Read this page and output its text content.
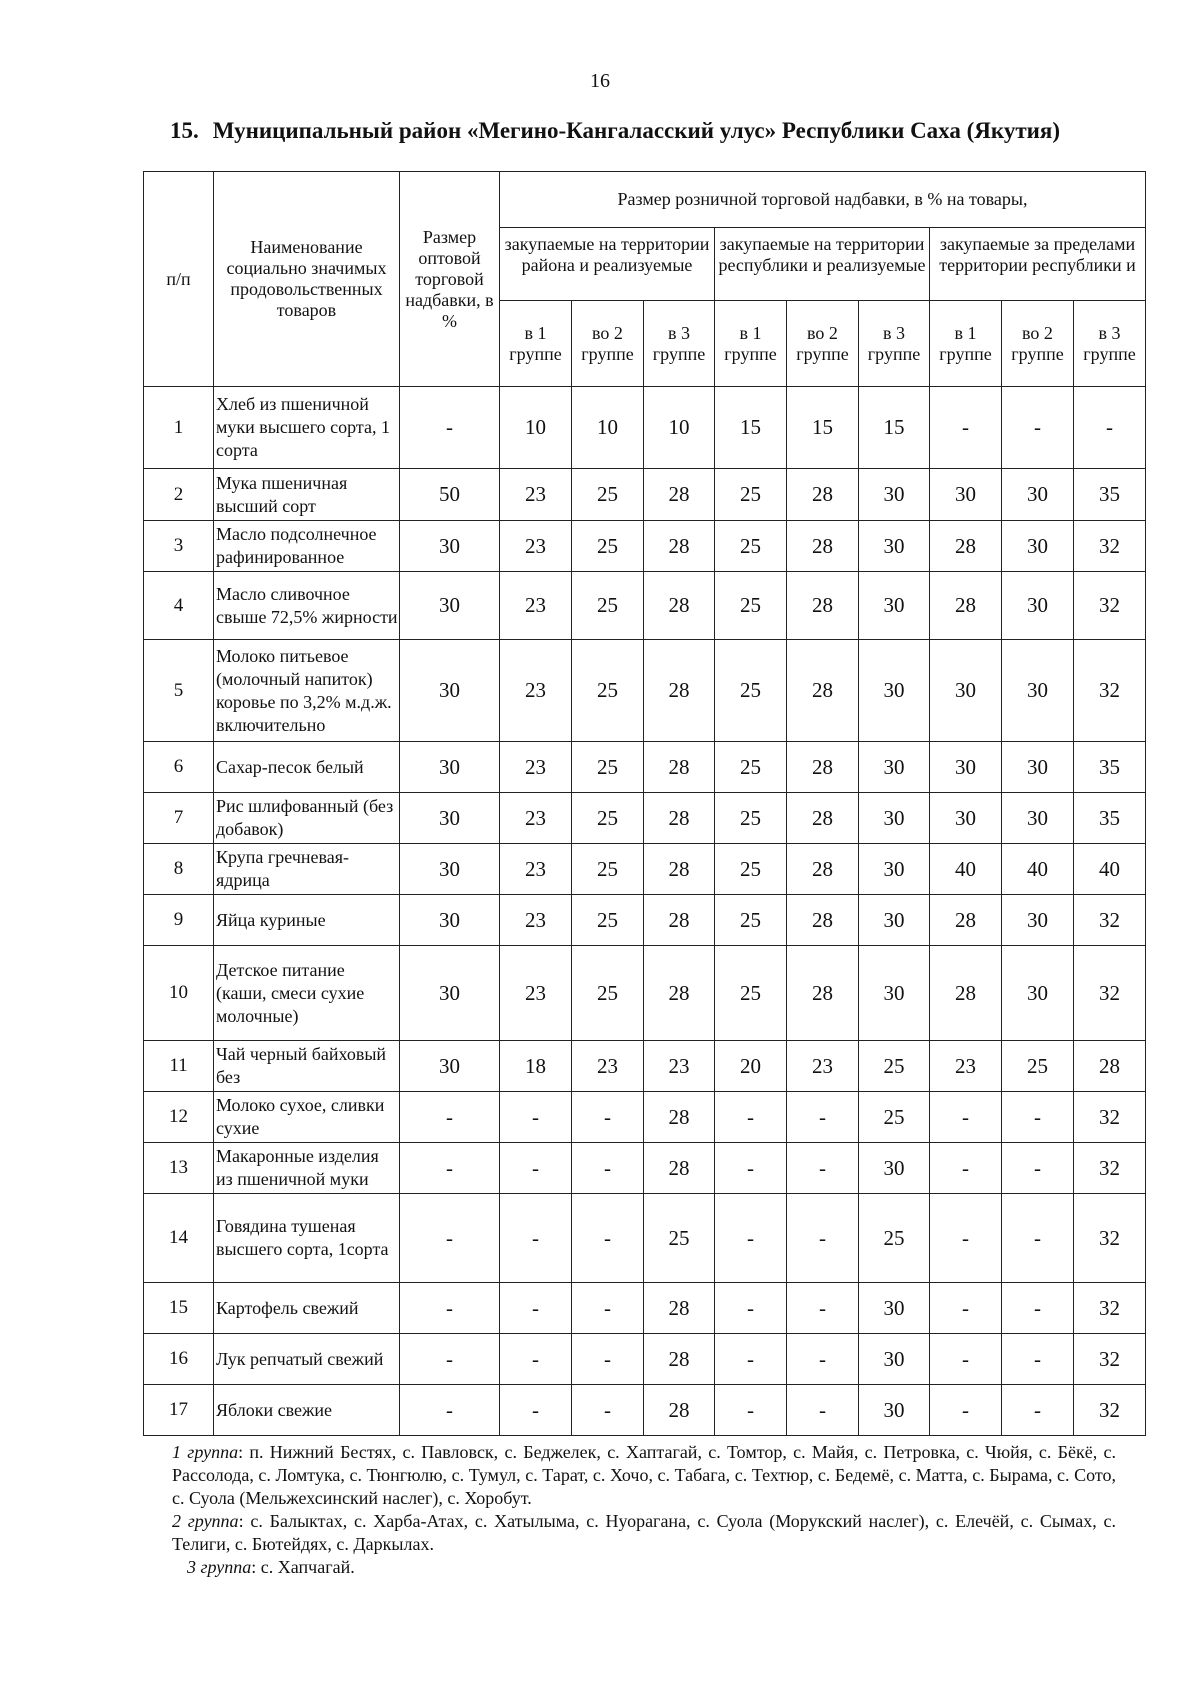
16
15. Муниципальный район «Мегино-Кангаласский улус» Республики Саха (Якутия)
п/п	Наименование социально значимых продовольственных товаров	Размер оптовой торговой надбавки, в %	Размер розничной торговой надбавки, в % на товары,								
			закупаемые на территории района и реализуемые			закупаемые на территории республики и реализуемые			закупаемые за пределами территории республики и		
			в 1 группе	во 2 группе	в 3 группе	в 1 группе	во 2 группе	в 3 группе	в 1 группе	во 2 группе	в 3 группе
1	Хлеб из пшеничной муки высшего сорта, 1 сорта	-	10	10	10	15	15	15	-	-	-
2	Мука пшеничная высший сорт	50	23	25	28	25	28	30	30	30	35
3	Масло подсолнечное рафинированное	30	23	25	28	25	28	30	28	30	32
4	Масло сливочное свыше 72,5% жирности	30	23	25	28	25	28	30	28	30	32
5	Молоко питьевое (молочный напиток) коровье по 3,2% м.д.ж. включительно	30	23	25	28	25	28	30	30	30	32
6	Сахар-песок белый	30	23	25	28	25	28	30	30	30	35
7	Рис шлифованный (без добавок)	30	23	25	28	25	28	30	30	30	35
8	Крупа гречневая-ядрица	30	23	25	28	25	28	30	40	40	40
9	Яйца куриные	30	23	25	28	25	28	30	28	30	32
10	Детское питание (каши, смеси сухие молочные)	30	23	25	28	25	28	30	28	30	32
11	Чай черный байховый без	30	18	23	23	20	23	25	23	25	28
12	Молоко сухое, сливки сухие	-	-	-	28	-	-	25	-	-	32
13	Макаронные изделия из пшеничной муки	-	-	-	28	-	-	30	-	-	32
14	Говядина тушеная высшего сорта, 1сорта	-	-	-	25	-	-	25	-	-	32
15	Картофель свежий	-	-	-	28	-	-	30	-	-	32
16	Лук репчатый свежий	-	-	-	28	-	-	30	-	-	32
17	Яблоки свежие	-	-	-	28	-	-	30	-	-	32

1 группа: п. Нижний Бестях, с. Павловск, с. Беджелек, с. Хаптагай, с. Томтор, с. Майя, с. Петровка, с. Чюйя, с. Бёкё, с. Рассолода, с. Ломтука, с. Тюнгюлю, с. Тумул, с. Тарат, с. Хочо, с. Табага, с. Техтюр, с. Бедемё, с. Матта, с. Бырама, с. Сото, с. Суола (Мельжехсинский наслег), с. Хоробут.

2 группа: с. Балыктах, с. Харба-Атах, с. Хатылыма, с. Нуорагана, с. Суола (Морукский наслег), с. Елечёй, с. Сымах, с. Телиги, с. Бютейдях, с. Даркылах.

3 группа: с. Хапчагай.
